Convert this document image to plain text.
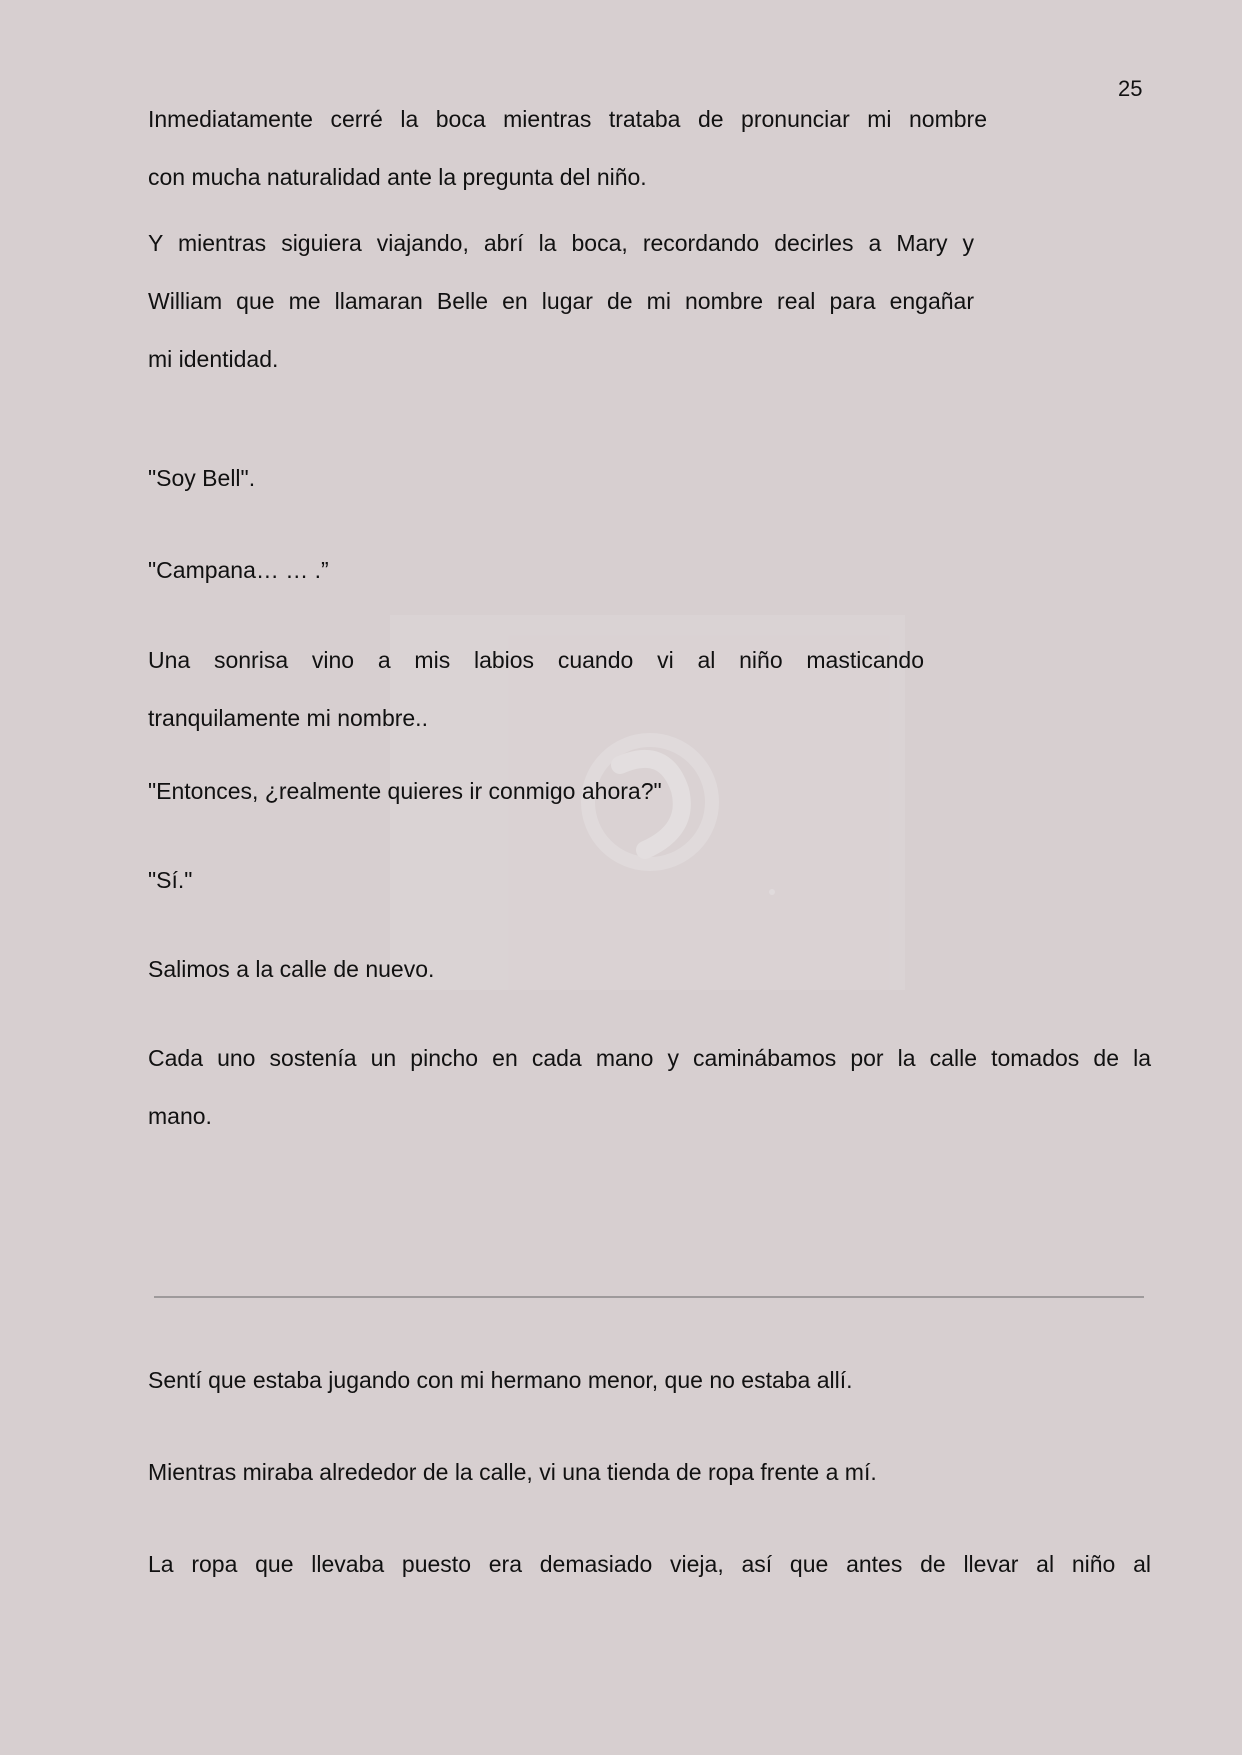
25

Inmediatamente cerré la boca mientras trataba de pronunciar mi nombre

con mucha naturalidad ante la pregunta del niño.

Y mientras siguiera viajando, abrí la boca, recordando decirles a Mary y

William que me llamaran Belle en lugar de mi nombre real para engañar

mi identidad.

"Soy Bell".

"Campana… … .”

Una sonrisa vino a mis labios cuando vi al niño masticando

tranquilamente mi nombre..

"Entonces, ¿realmente quieres ir conmigo ahora?"

"Sí."

Salimos a la calle de nuevo.

Cada uno sostenía un pincho en cada mano y caminábamos por la calle tomados de la

mano.

Sentí que estaba jugando con mi hermano menor, que no estaba allí.

Mientras miraba alrededor de la calle, vi una tienda de ropa frente a mí.

La ropa que llevaba puesto era demasiado vieja, así que antes de llevar al niño al
